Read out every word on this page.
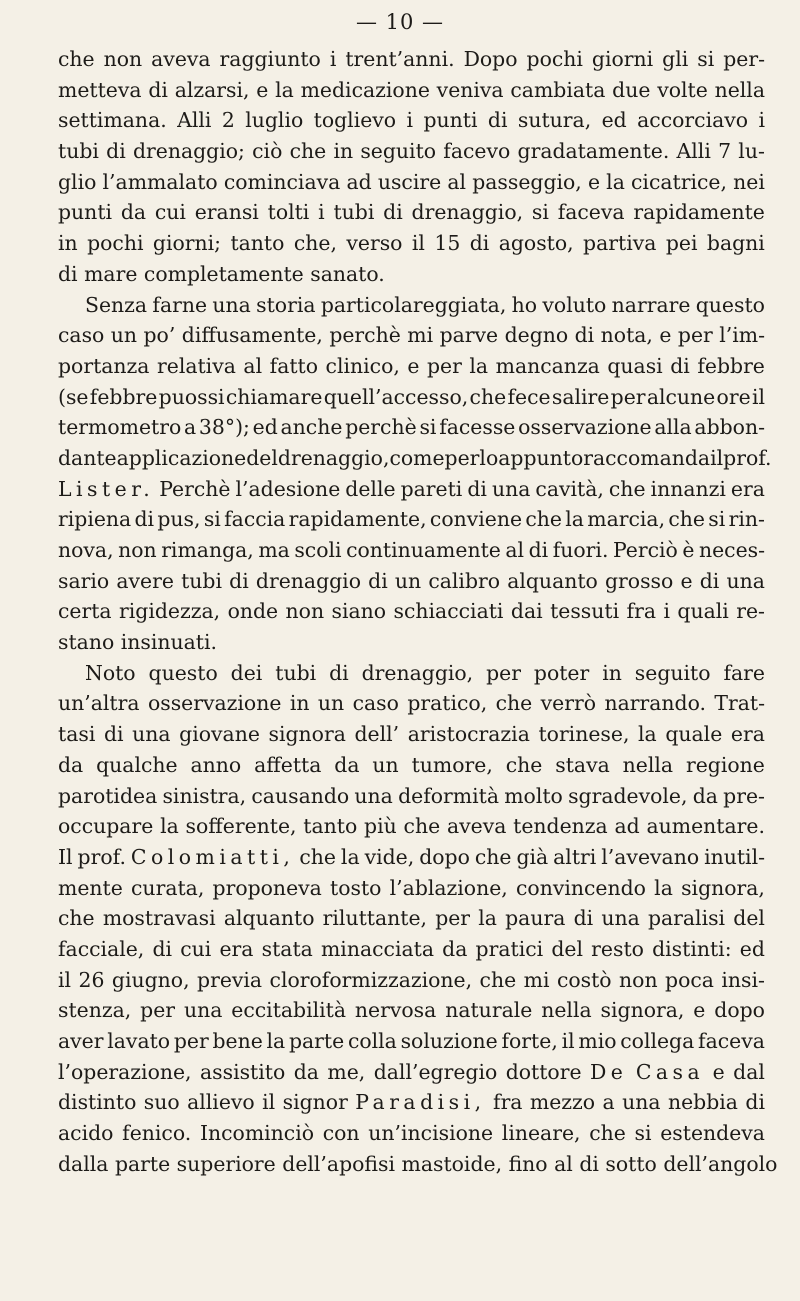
— 10 —
che non aveva raggiunto i trent’anni. Dopo pochi giorni gli si per-
metteva di alzarsi, e la medicazione veniva cambiata due volte nella
settimana. Alli 2 luglio toglievo i punti di sutura, ed accorciavo i
tubi di drenaggio; ciò che in seguito facevo gradatamente. Alli 7 lu-
glio l’ammalato cominciava ad uscire al passeggio, e la cicatrice, nei
punti da cui eransi tolti i tubi di drenaggio, si faceva rapidamente
in pochi giorni; tanto che, verso il 15 di agosto, partiva pei bagni
di mare completamente sanato.
Senza farne una storia particolareggiata, ho voluto narrare questo
caso un po’ diffusamente, perchè mi parve degno di nota, e per l’im-
portanza relativa al fatto clinico, e per la mancanza quasi di febbre
(se febbre puossi chiamare quell’accesso, che fece salire per alcune ore il
termometro a 38°); ed anche perchè si facesse osservazione alla abbon-
dante applicazione del drenaggio, come per lo appunto raccomanda il prof.
Lister. Perchè l’adesione delle pareti di una cavità, che innanzi era
ripiena di pus, si faccia rapidamente, conviene che la marcia, che si rin-
nova, non rimanga, ma scoli continuamente al di fuori. Perciò è neces-
sario avere tubi di drenaggio di un calibro alquanto grosso e di una
certa rigidezza, onde non siano schiacciati dai tessuti fra i quali re-
stano insinuati.
Noto questo dei tubi di drenaggio, per poter in seguito fare
un’altra osservazione in un caso pratico, che verrò narrando. Trat-
tasi di una giovane signora dell’ aristocrazia torinese, la quale era
da qualche anno affetta da un tumore, che stava nella regione
parotidea sinistra, causando una deformità molto sgradevole, da pre-
occupare la sofferente, tanto più che aveva tendenza ad aumentare.
Il prof. Colomiatti, che la vide, dopo che già altri l’avevano inutil-
mente curata, proponeva tosto l’ablazione, convincendo la signora,
che mostravasi alquanto riluttante, per la paura di una paralisi del
facciale, di cui era stata minacciata da pratici del resto distinti: ed
il 26 giugno, previa cloroformizzazione, che mi costò non poca insi-
stenza, per una eccitabilità nervosa naturale nella signora, e dopo
aver lavato per bene la parte colla soluzione forte, il mio collega faceva
l’operazione, assistito da me, dall’egregio dottore De Casa e dal
distinto suo allievo il signor Paradisi, fra mezzo a una nebbia di
acido fenico. Incominciò con un’incisione lineare, che si estendeva
dalla parte superiore dell’apofisi mastoide, fino al di sotto dell’angolo
